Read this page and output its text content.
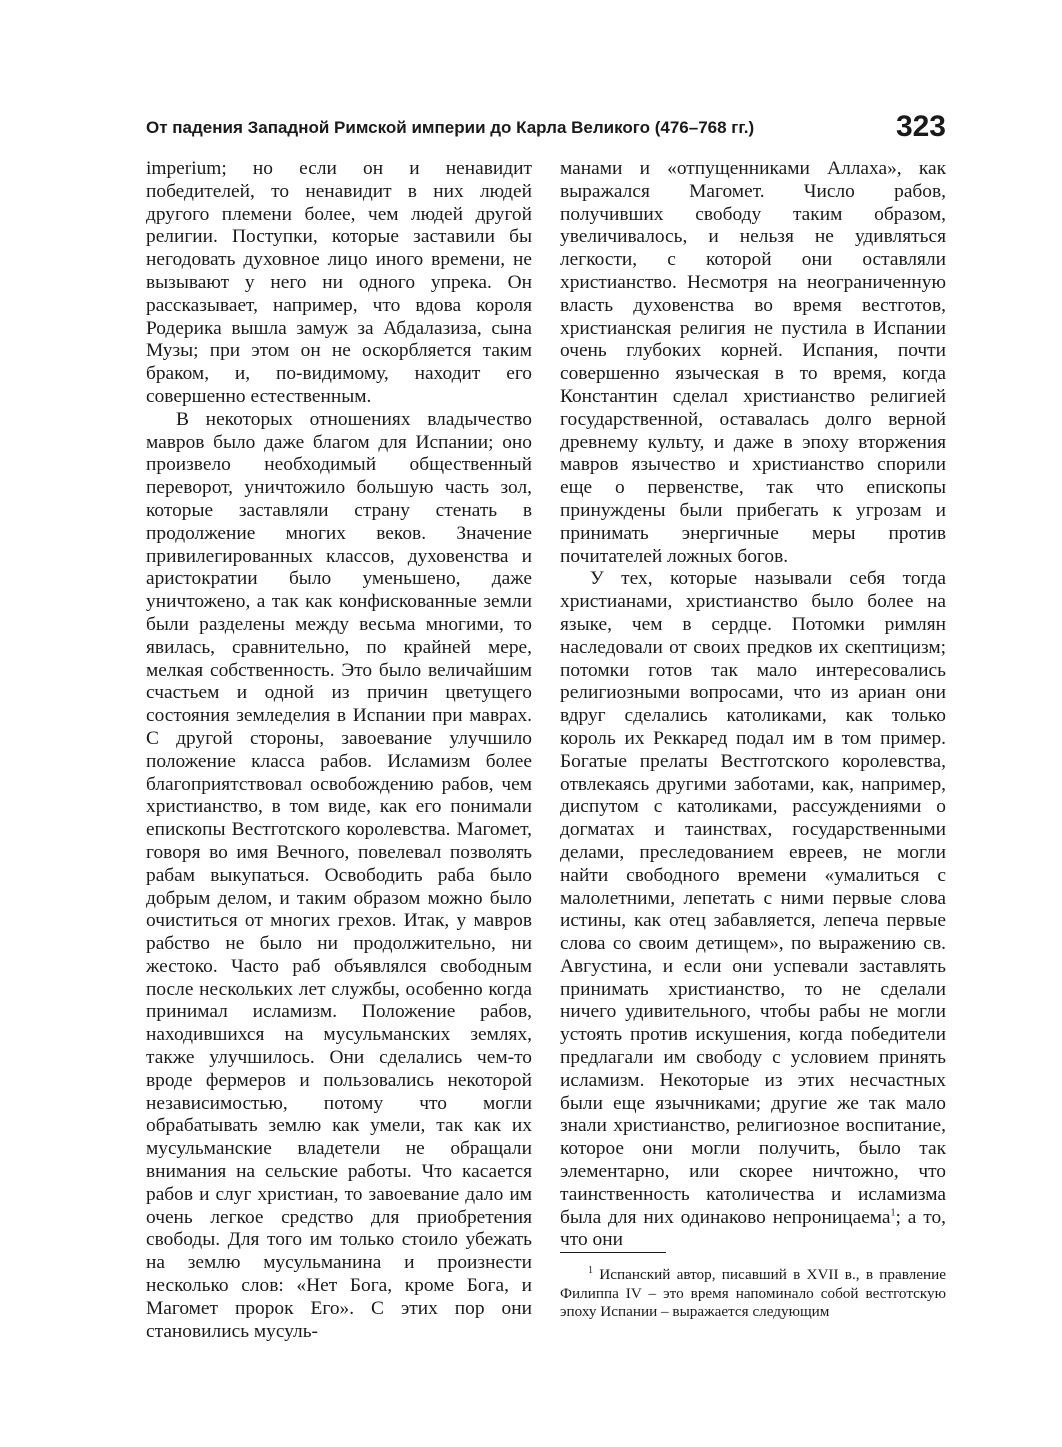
От падения Западной Римской империи до Карла Великого (476–768 гг.)	323

imperium; но если он и ненавидит победителей, то ненавидит в них людей другого племени более, чем людей другой религии. Поступки, которые заставили бы негодовать духовное лицо иного времени, не вызывают у него ни одного упрека. Он рассказывает, например, что вдова короля Родерика вышла замуж за Абдалазиза, сына Музы; при этом он не оскорбляется таким браком, и, по-видимому, находит его совершенно естественным.

В некоторых отношениях владычество мавров было даже благом для Испании; оно произвело необходимый общественный переворот, уничтожило большую часть зол, которые заставляли страну стенать в продолжение многих веков. Значение привилегированных классов, духовенства и аристократии было уменьшено, даже уничтожено, а так как конфискованные земли были разделены между весьма многими, то явилась, сравнительно, по крайней мере, мелкая собственность. Это было величайшим счастьем и одной из причин цветущего состояния земледелия в Испании при маврах. С другой стороны, завоевание улучшило положение класса рабов. Исламизм более благоприятствовал освобождению рабов, чем христианство, в том виде, как его понимали епископы Вестготского королевства. Магомет, говоря во имя Вечного, повелевал позволять рабам выкупаться. Освободить раба было добрым делом, и таким образом можно было очиститься от многих грехов. Итак, у мавров рабство не было ни продолжительно, ни жестоко. Часто раб объявлялся свободным после нескольких лет службы, особенно когда принимал исламизм. Положение рабов, находившихся на мусульманских землях, также улучшилось. Они сделались чем-то вроде фермеров и пользовались некоторой независимостью, потому что могли обрабатывать землю как умели, так как их мусульманские владетели не обращали внимания на сельские работы. Что касается рабов и слуг христиан, то завоевание дало им очень легкое средство для приобретения свободы. Для того им только стоило убежать на землю мусульманина и произнести несколько слов: «Нет Бога, кроме Бога, и Магомет пророк Его». С этих пор они становились мусуль-

манами и «отпущенниками Аллаха», как выражался Магомет. Число рабов, получивших свободу таким образом, увеличивалось, и нельзя не удивляться легкости, с которой они оставляли христианство. Несмотря на неограниченную власть духовенства во время вестготов, христианская религия не пустила в Испании очень глубоких корней. Испания, почти совершенно языческая в то время, когда Константин сделал христианство религией государственной, оставалась долго верной древнему культу, и даже в эпоху вторжения мавров язычество и христианство спорили еще о первенстве, так что епископы принуждены были прибегать к угрозам и принимать энергичные меры против почитателей ложных богов.

У тех, которые называли себя тогда христианами, христианство было более на языке, чем в сердце. Потомки римлян наследовали от своих предков их скептицизм; потомки готов так мало интересовались религиозными вопросами, что из ариан они вдруг сделались католиками, как только король их Реккаред подал им в том пример. Богатые прелаты Вестготского королевства, отвлекаясь другими заботами, как, например, диспутом с католиками, рассуждениями о догматах и таинствах, государственными делами, преследованием евреев, не могли найти свободного времени «умалиться с малолетними, лепетать с ними первые слова истины, как отец забавляется, лепеча первые слова со своим детищем», по выражению св. Августина, и если они успевали заставлять принимать христианство, то не сделали ничего удивительного, чтобы рабы не могли устоять против искушения, когда победители предлагали им свободу с условием принять исламизм. Некоторые из этих несчастных были еще язычниками; другие же так мало знали христианство, религиозное воспитание, которое они могли получить, было так элементарно, или скорее ничтожно, что таинственность католичества и исламизма была для них одинаково непроницаема$^1$; а то, что они

$^1$ Испанский автор, писавший в XVII в., в правление Филиппа IV – это время напоминало собой вестготскую эпоху Испании – выражается следующим
